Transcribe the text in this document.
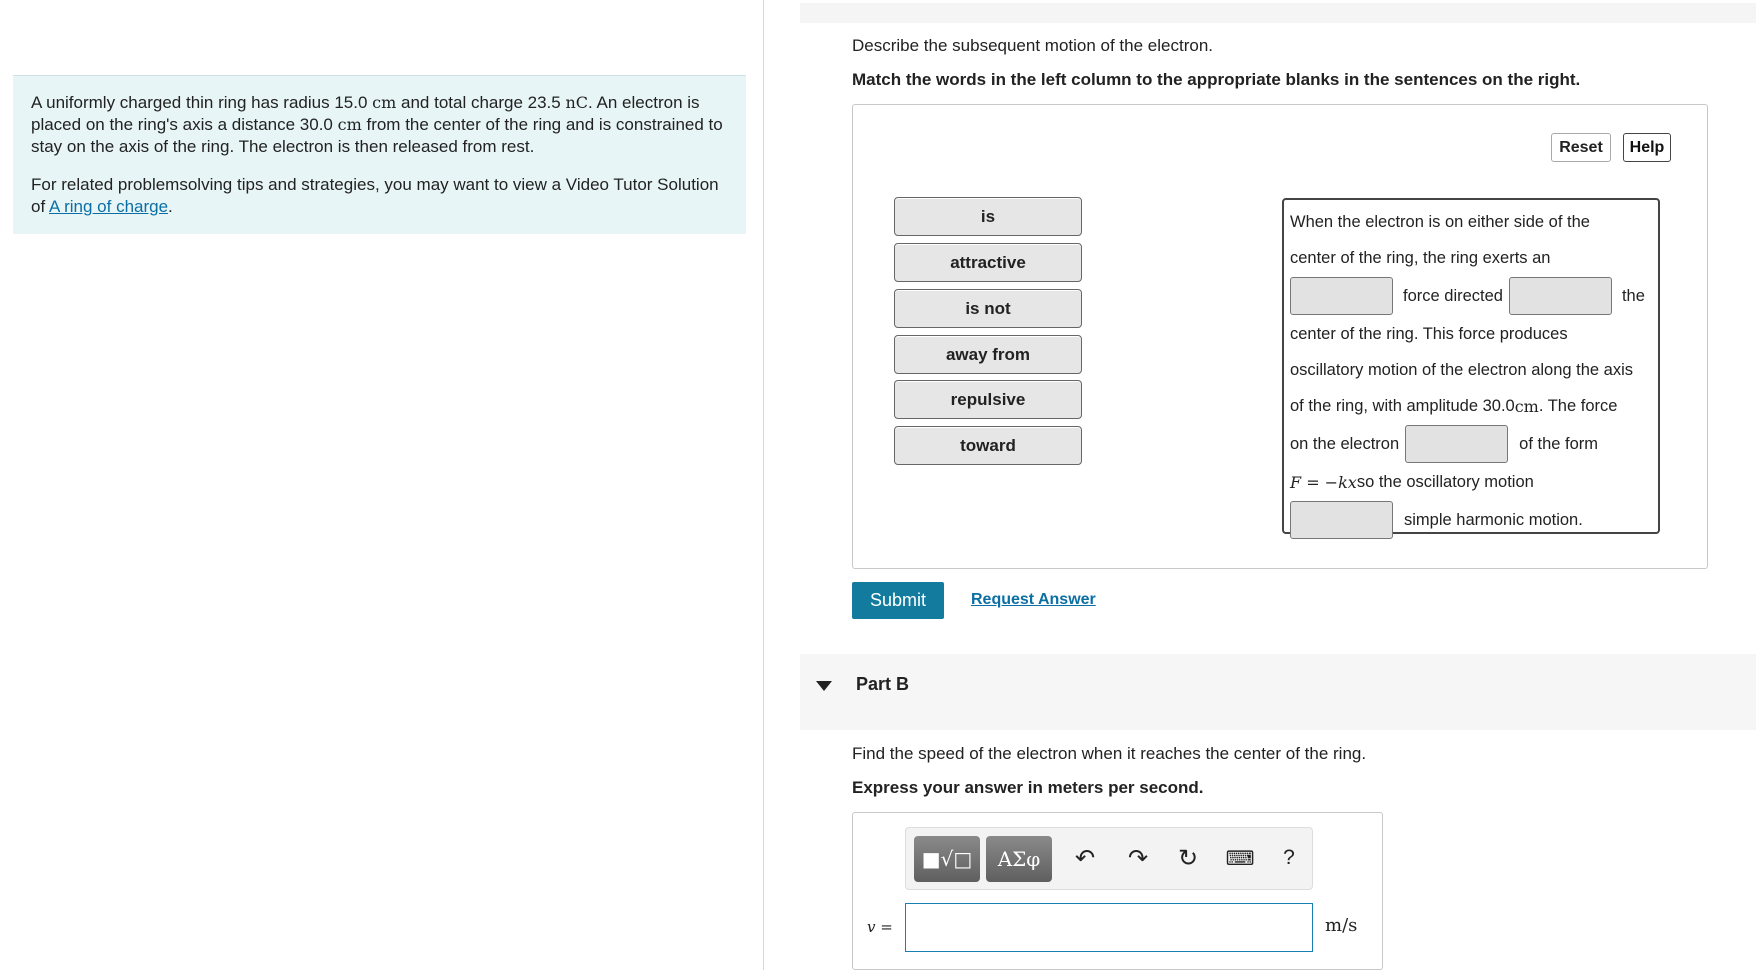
A uniformly charged thin ring has radius 15.0 cm and total charge 23.5 nC. An electron is placed on the ring's axis a distance 30.0 cm from the center of the ring and is constrained to stay on the axis of the ring. The electron is then released from rest.

For related problemsolving tips and strategies, you may want to view a Video Tutor Solution of A ring of charge.

Describe the subsequent motion of the electron.
Match the words in the left column to the appropriate blanks in the sentences on the right.
Reset	Help
is
attractive
is not
away from
repulsive
toward
When the electron is on either side of the
center of the ring, the ring exerts an
force directed	the
center of the ring. This force produces
oscillatory motion of the electron along the axis
of the ring, with amplitude 30.0 cm . The force
on the electron	of the form
F = −kx so the oscillatory motion
simple harmonic motion.
Submit	Request Answer
Part B
Find the speed of the electron when it reaches the center of the ring.
Express your answer in meters per second.
■√□	ΑΣφ	↶ ↷ ↻	⌨	?
v =	m/s
